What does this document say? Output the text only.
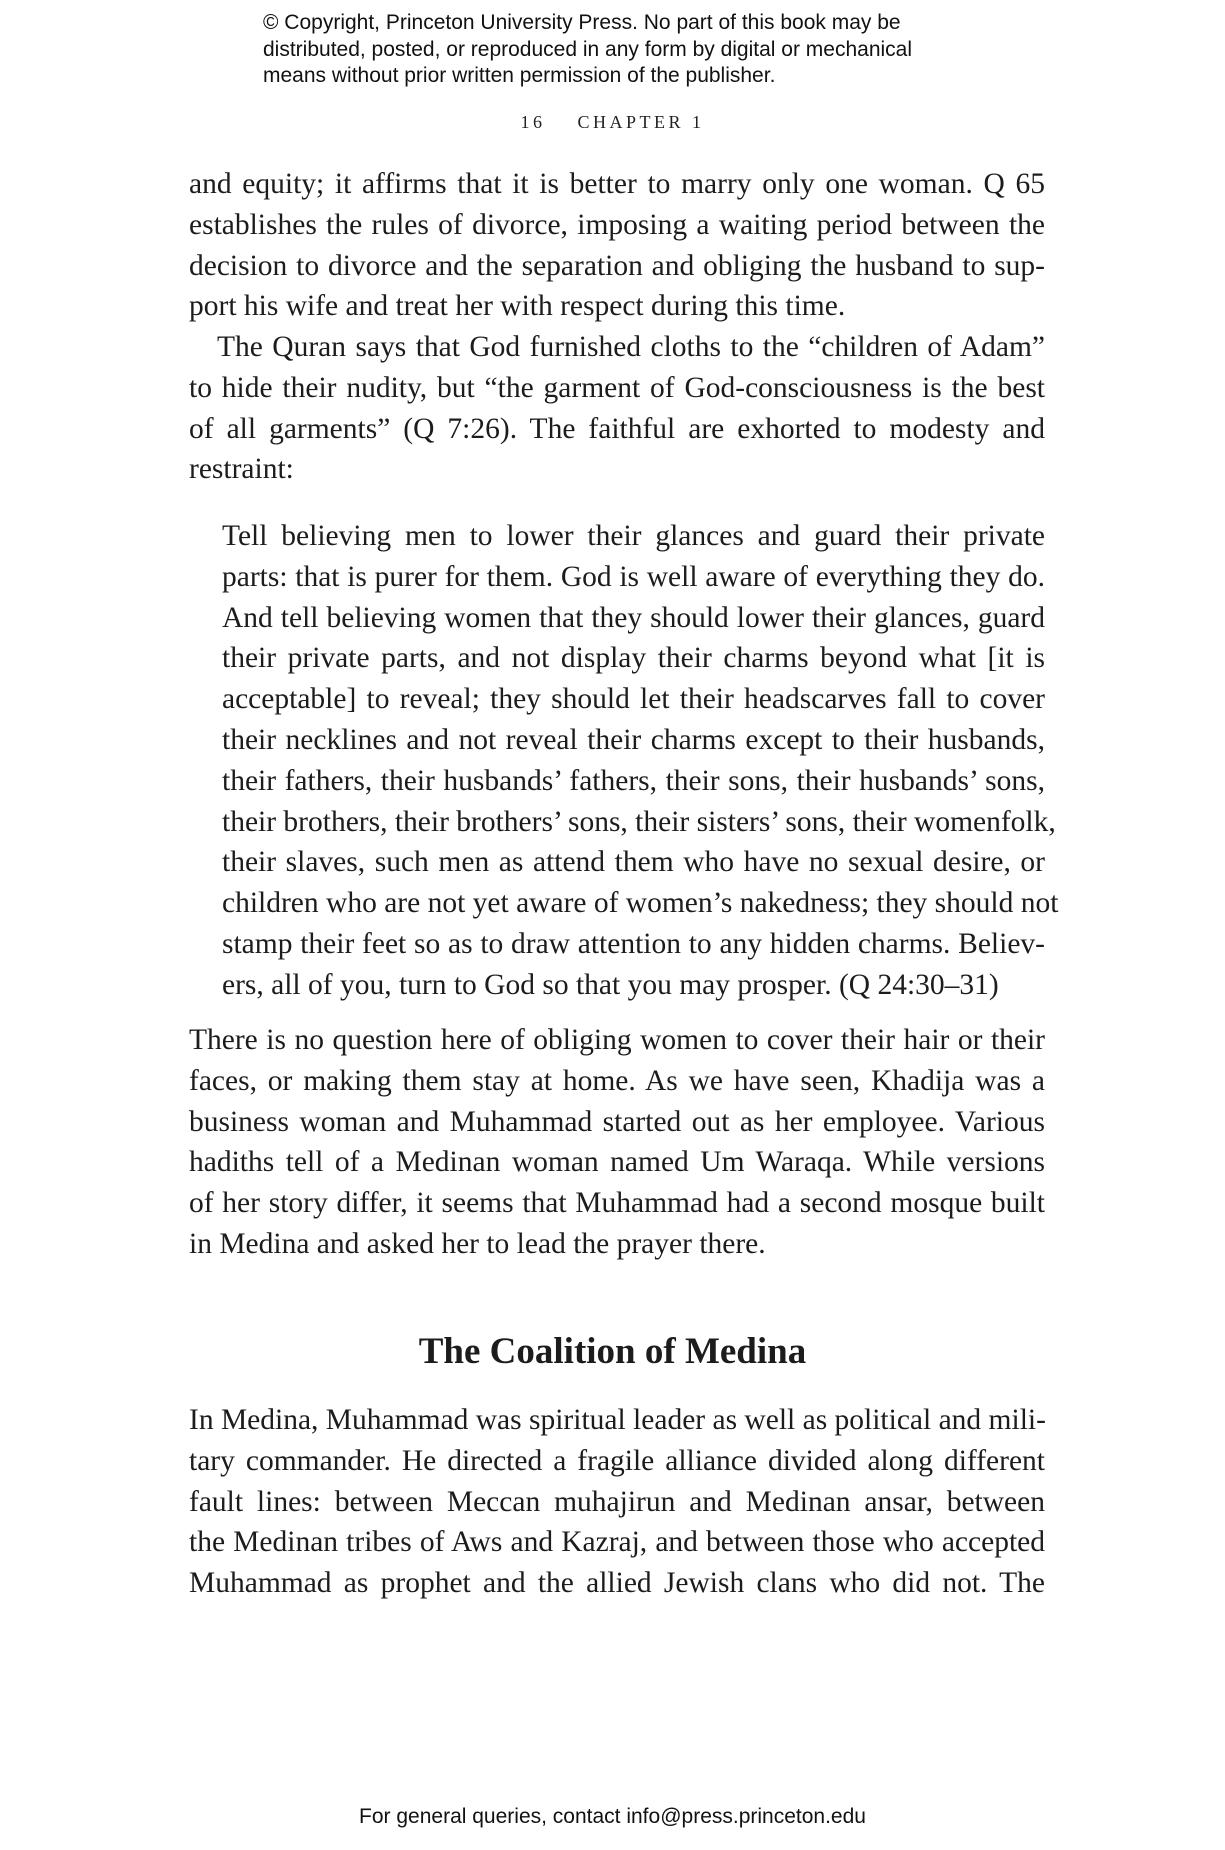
© Copyright, Princeton University Press. No part of this book may be
distributed, posted, or reproduced in any form by digital or mechanical
means without prior written permission of the publisher.
16 CHAPTER 1
and equity; it affirms that it is better to marry only one woman. Q 65
establishes the rules of divorce, imposing a waiting period between the
decision to divorce and the separation and obliging the husband to sup-
port his wife and treat her with respect during this time.
The Quran says that God furnished cloths to the “children of Adam”
to hide their nudity, but “the garment of God-consciousness is the best
of all garments” (Q 7:26). The faithful are exhorted to modesty and
restraint:
Tell believing men to lower their glances and guard their private
parts: that is purer for them. God is well aware of everything they do.
And tell believing women that they should lower their glances, guard
their private parts, and not display their charms beyond what [it is
acceptable] to reveal; they should let their headscarves fall to cover
their necklines and not reveal their charms except to their husbands,
their fathers, their husbands’ fathers, their sons, their husbands’ sons,
their brothers, their brothers’ sons, their sisters’ sons, their womenfolk,
their slaves, such men as attend them who have no sexual desire, or
children who are not yet aware of women’s nakedness; they should not
stamp their feet so as to draw attention to any hidden charms. Believ-
ers, all of you, turn to God so that you may prosper. (Q 24:30–31)
There is no question here of obliging women to cover their hair or their
faces, or making them stay at home. As we have seen, Khadija was a
business woman and Muhammad started out as her employee. Various
hadiths tell of a Medinan woman named Um Waraqa. While versions
of her story differ, it seems that Muhammad had a second mosque built
in Medina and asked her to lead the prayer there.
The Coalition of Medina
In Medina, Muhammad was spiritual leader as well as political and mili-
tary commander. He directed a fragile alliance divided along different
fault lines: between Meccan muhajirun and Medinan ansar, between
the Medinan tribes of Aws and Kazraj, and between those who accepted
Muhammad as prophet and the allied Jewish clans who did not. The
For general queries, contact info@press.princeton.edu
